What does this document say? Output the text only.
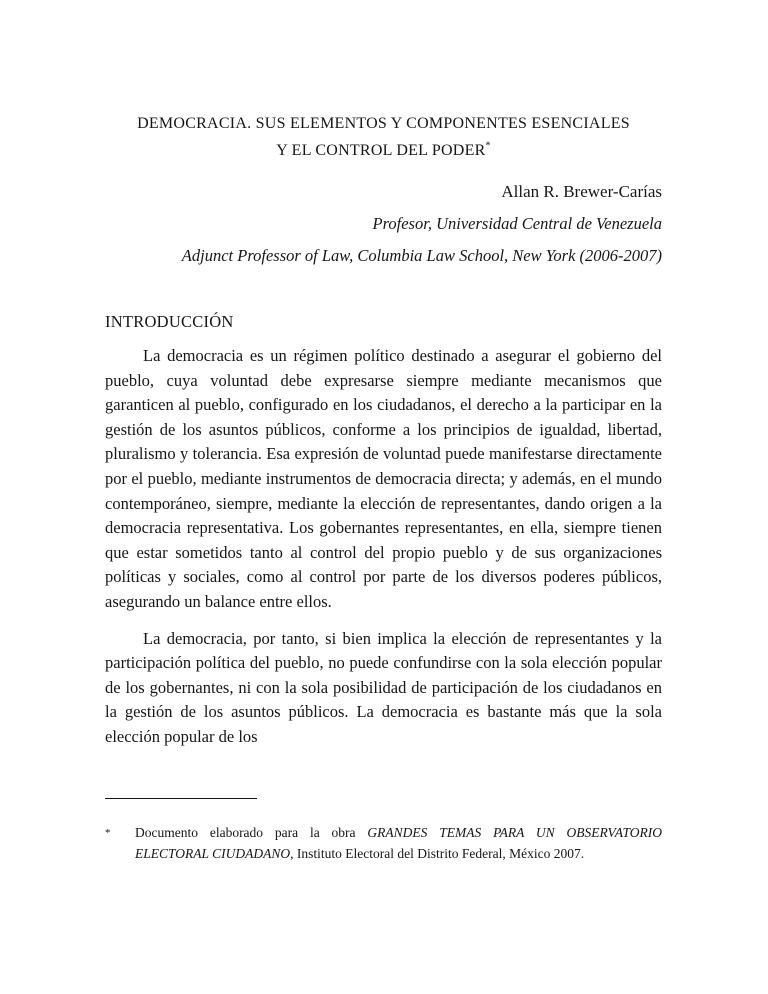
DEMOCRACIA. SUS ELEMENTOS Y COMPONENTES ESENCIALES
Y EL CONTROL DEL PODER*

Allan R. Brewer-Carías

Profesor, Universidad Central de Venezuela

Adjunct Professor of Law, Columbia Law School, New York (2006-2007)

INTRODUCCIÓN

La democracia es un régimen político destinado a asegurar el gobierno del pueblo, cuya voluntad debe expresarse siempre mediante mecanismos que garanticen al pueblo, configurado en los ciudadanos, el derecho a la participar en la gestión de los asuntos públicos, conforme a los principios de igualdad, libertad, pluralismo y tolerancia. Esa expresión de voluntad puede manifestarse directamente por el pueblo, mediante instrumentos de democracia directa; y además, en el mundo contemporáneo, siempre, mediante la elección de representantes, dando origen a la democracia representativa. Los gobernantes representantes, en ella, siempre tienen que estar sometidos tanto al control del propio pueblo y de sus organizaciones políticas y sociales, como al control por parte de los diversos poderes públicos, asegurando un balance entre ellos.

La democracia, por tanto, si bien implica la elección de representantes y la participación política del pueblo, no puede confundirse con la sola elección popular de los gobernantes, ni con la sola posibilidad de participación de los ciudadanos en la gestión de los asuntos públicos. La democracia es bastante más que la sola elección popular de los

*	Documento elaborado para la obra GRANDES TEMAS PARA UN OBSERVATORIO ELECTORAL CIUDADANO, Instituto Electoral del Distrito Federal, México 2007.
